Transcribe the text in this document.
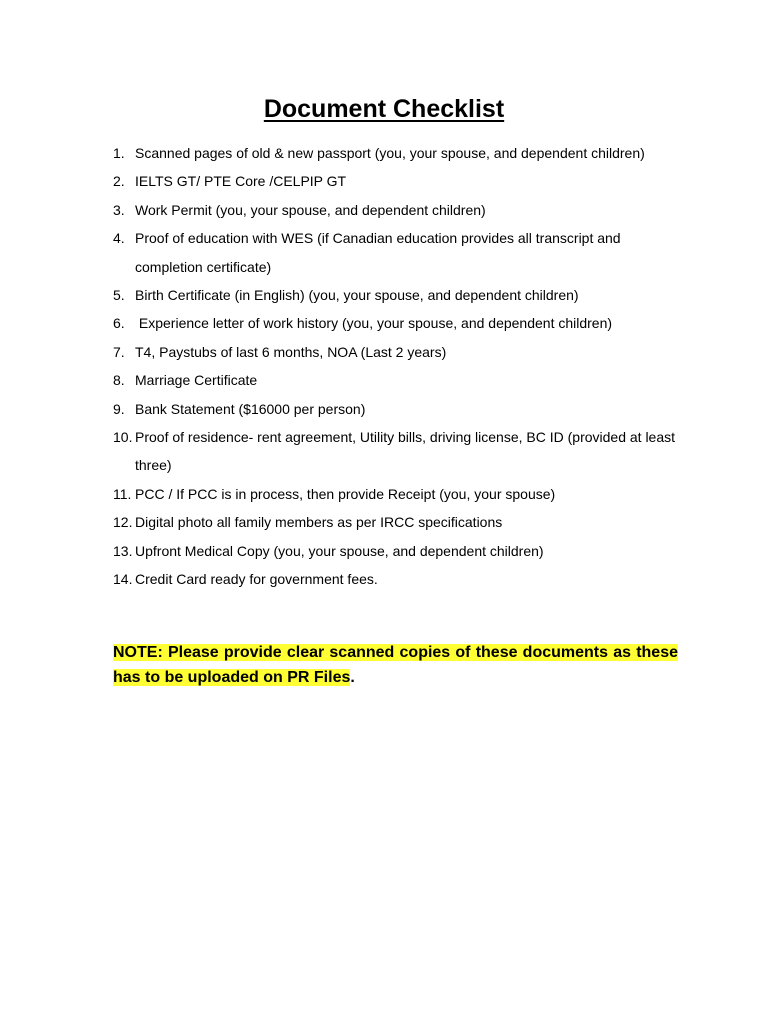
Document Checklist
1. Scanned pages of old & new passport (you, your spouse, and dependent children)
2. IELTS GT/ PTE Core /CELPIP GT
3. Work Permit (you, your spouse, and dependent children)
4. Proof of education with WES (if Canadian education provides all transcript and completion certificate)
5. Birth Certificate (in English) (you, your spouse, and dependent children)
6. Experience letter of work history (you, your spouse, and dependent children)
7. T4, Paystubs of last 6 months, NOA (Last 2 years)
8. Marriage Certificate
9. Bank Statement ($16000 per person)
10. Proof of residence- rent agreement, Utility bills, driving license, BC ID (provided at least three)
11. PCC / If PCC is in process, then provide Receipt (you, your spouse)
12. Digital photo all family members as per IRCC specifications
13. Upfront Medical Copy (you, your spouse, and dependent children)
14. Credit Card ready for government fees.

NOTE: Please provide clear scanned copies of these documents as these has to be uploaded on PR Files.
